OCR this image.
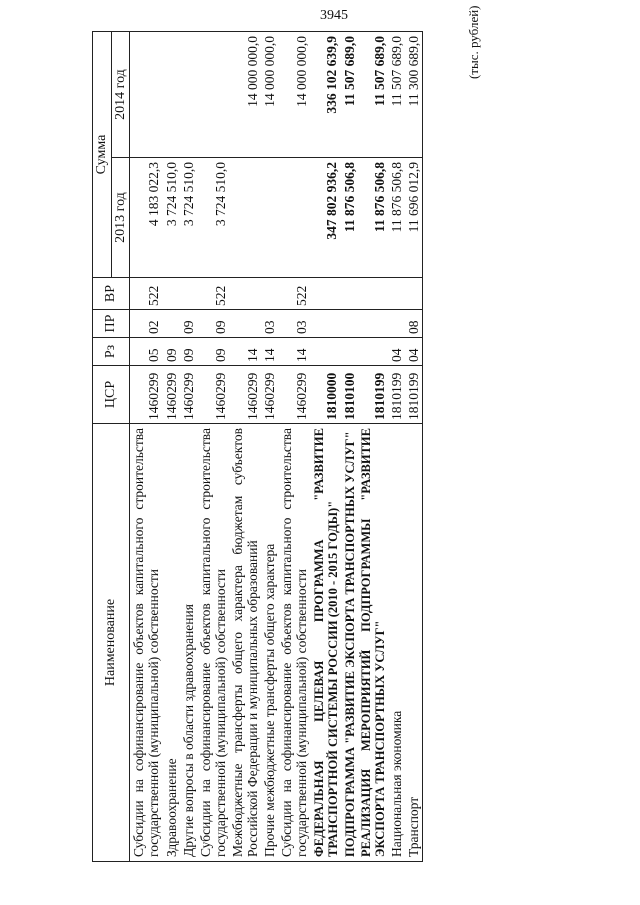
3945	(тыс. рублей)
Наименование	ЦСР	Рз	ПР	ВР	Сумма	
					2013 год	2014 год
Субсидии на софинансирование объектов капитального строительства государственной (муниципальной) собственности	1460299	05	02	522	4 183 022,3	
Здравоохранение	1460299	09			3 724 510,0	
Другие вопросы в области здравоохранения	1460299	09	09		3 724 510,0	
Субсидии на софинансирование объектов капитального строительства государственной (муниципальной) собственности	1460299	09	09	522	3 724 510,0	
Межбюджетные трансферты общего характера бюджетам субъектов Российской Федерации и муниципальных образований	1460299	14				14 000 000,0
Прочие межбюджетные трансферты общего характера	1460299	14	03			14 000 000,0
Субсидии на софинансирование объектов капитального строительства государственной (муниципальной) собственности	1460299	14	03	522		14 000 000,0
ФЕДЕРАЛЬНАЯ ЦЕЛЕВАЯ ПРОГРАММА "РАЗВИТИЕ ТРАНСПОРТНОЙ СИСТЕМЫ РОССИИ (2010 - 2015 ГОДЫ)"	1810000				347 802 936,2	336 102 639,9
ПОДПРОГРАММА "РАЗВИТИЕ ЭКСПОРТА ТРАНСПОРТНЫХ УСЛУГ"	1810100				11 876 506,8	11 507 689,0
РЕАЛИЗАЦИЯ МЕРОПРИЯТИЙ ПОДПРОГРАММЫ "РАЗВИТИЕ ЭКСПОРТА ТРАНСПОРТНЫХ УСЛУГ"	1810199				11 876 506,8	11 507 689,0
Национальная экономика	1810199	04			11 876 506,8	11 507 689,0
Транспорт	1810199	04	08		11 696 012,9	11 300 689,0
